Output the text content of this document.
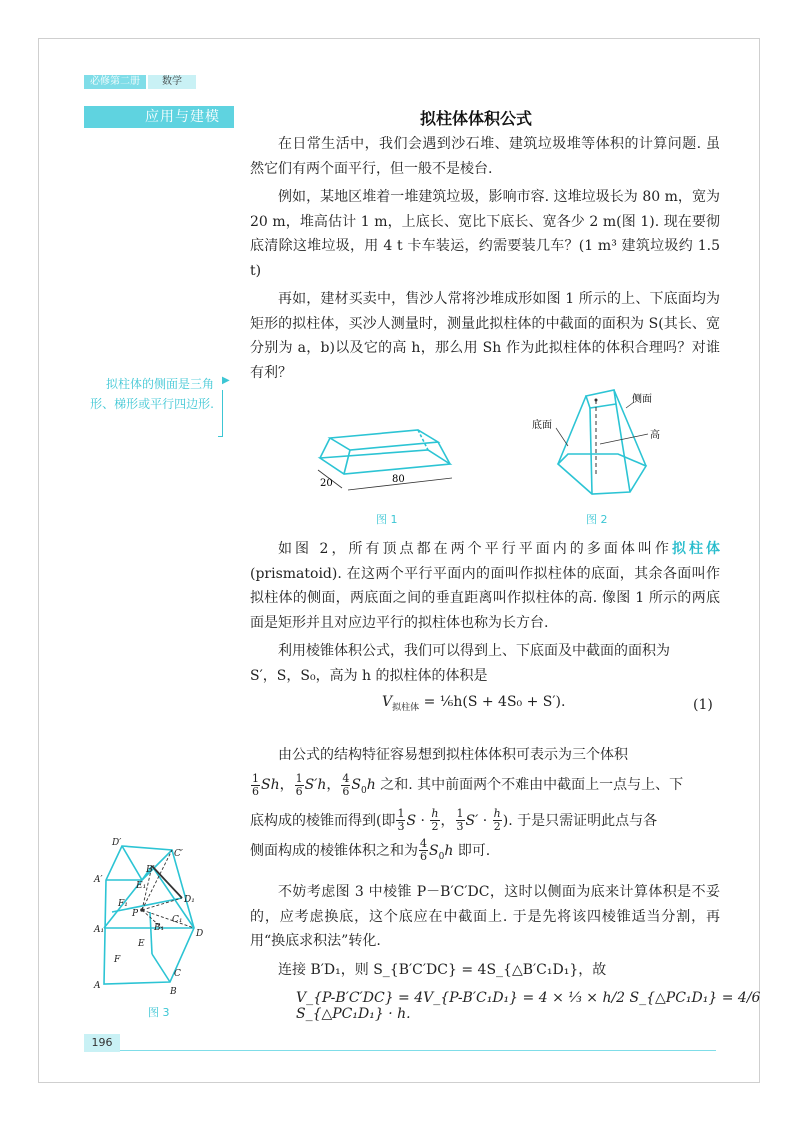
必修第二册	数学
应用与建模	拟柱体体积公式

在日常生活中，我们会遇到沙石堆、建筑垃圾堆等体积的计算问题. 虽然它们有两个面平行，但一般不是棱台.

例如，某地区堆着一堆建筑垃圾，影响市容. 这堆垃圾长为 80 m，宽为 20 m，堆高估计 1 m，上底长、宽比下底长、宽各少 2 m(图 1). 现在要彻底清除这堆垃圾，用 4 t 卡车装运，约需要装几车？(1 m³ 建筑垃圾约 1.5 t)

再如，建材买卖中，售沙人常将沙堆成形如图 1 所示的上、下底面均为矩形的拟柱体，买沙人测量时，测量此拟柱体的中截面的面积为 S(其长、宽分别为 a，b)以及它的高 h，那么用 Sh 作为此拟柱体的体积合理吗？对谁有利？

拟柱体的侧面是三角形、梯形或平行四边形.
▶
20	80
图 1
侧面
高
底面
图 2

如图 2，所有顶点都在两个平行平面内的多面体叫作拟柱体(prismatoid). 在这两个平行平面内的面叫作拟柱体的底面，其余各面叫作拟柱体的侧面，两底面之间的垂直距离叫作拟柱体的高. 像图 1 所示的两底面是矩形并且对应边平行的拟柱体也称为长方台.

利用棱锥体积公式，我们可以得到上、下底面及中截面的面积为

S′，S，S₀，高为 h 的拟柱体的体积是
$V_{拟柱体}$ = ⅙h(S + 4S₀ + S′).	(1)

由公式的结构特征容易想到拟柱体体积可表示为三个体积

$\frac{1}{6}$ Sh， $\frac{1}{6} S'h$， $\frac{4}{6} S_0h$ 之和. 其中前面两个不难由中截面上一点与上、下
底构成的棱锥而得到(即 $\frac{1}{3}$ $S \cdot \frac{h}{2}$ ， $\frac{1}{3} S' \cdot \frac{h}{2}$ ). 于是只需证明此点与各
侧面构成的棱锥体积之和为 $\frac{4}{6} S_0h$ 即可.

不妨考虑图 3 中棱锥 P－B′C′DC，这时以侧面为底来计算体积是不妥的，应考虑换底，这个底应在中截面上. 于是先将该四棱锥适当分割，再用“换底求积法”转化.

连接 B′D₁，则 S_{B′C′DC} = 4S_{△B′C₁D₁}，故

V_{P-B′C′DC} = 4V_{P-B′C₁D₁} = 4 × ⅓ × h/2 S_{△PC₁D₁} = 4/6 S_{△PC₁D₁} · h.
D′
C′
B′
A′
E₁
F₁
P
D₁
C₁
B₁
A₁
E
F
D
C
A
B
图 3
196
